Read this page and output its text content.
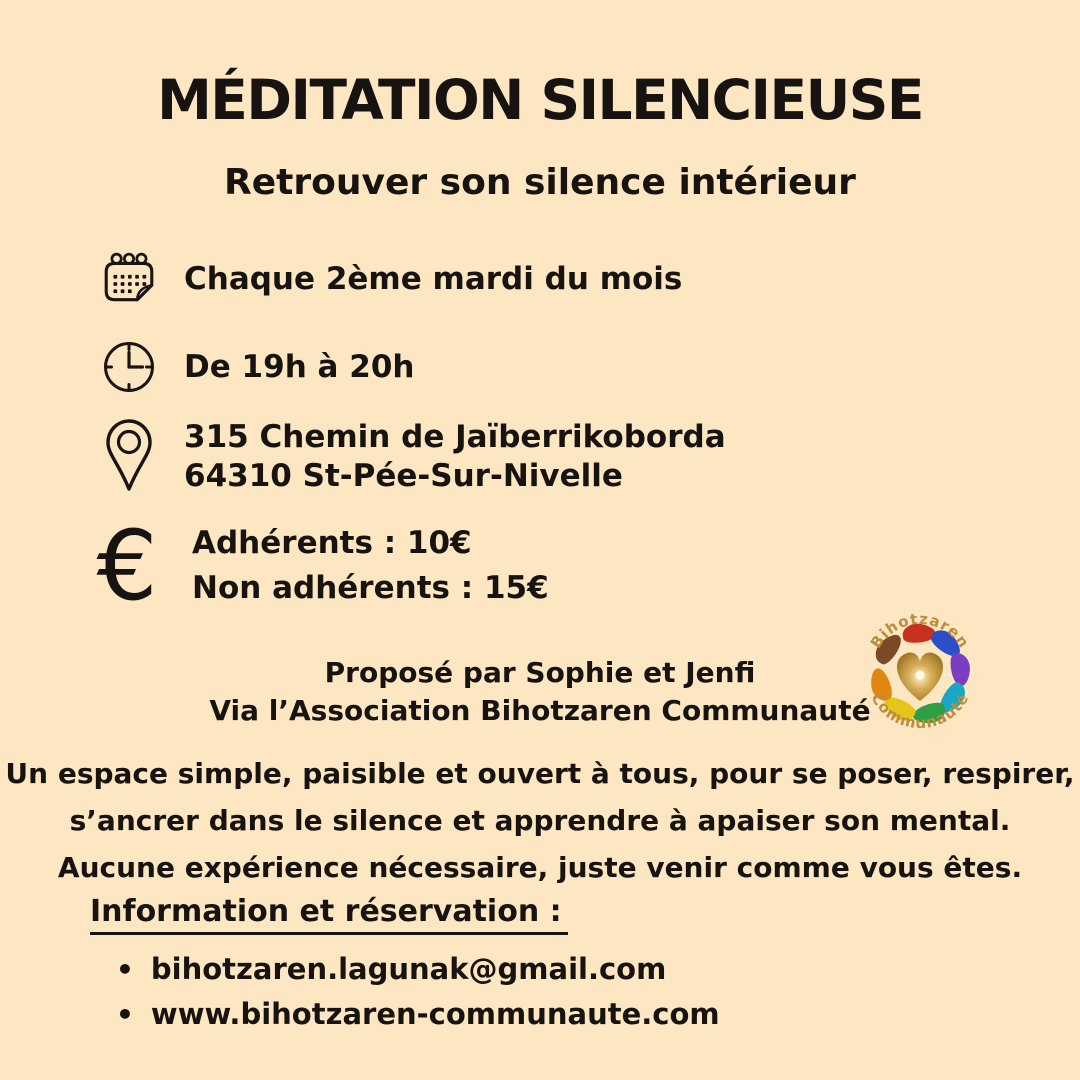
MÉDITATION SILENCIEUSE
Retrouver son silence intérieur
Chaque 2ème mardi du mois
De 19h à 20h
315 Chemin de Jaïberrikoborda
64310 St-Pée-Sur-Nivelle
€ Adhérents : 10€
Non adhérents : 15€
Proposé par Sophie et Jenfi
Via l’Association Bihotzaren Communauté
Bihotzaren
Communauté
Un espace simple, paisible et ouvert à tous, pour se poser, respirer,
s’ancrer dans le silence et apprendre à apaiser son mental.
Aucune expérience nécessaire, juste venir comme vous êtes.
Information et réservation :
• bihotzaren.lagunak@gmail.com
• www.bihotzaren-communaute.com
